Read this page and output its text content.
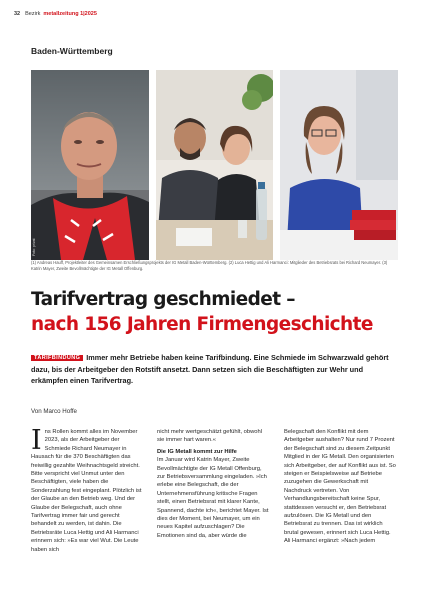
32 Bezirk metallzeitung 1|2025
Baden-Württemberg
Foto: privat
(1) Andreas Hauff, Projektleiter des Gemeinsamen Erschließungsprojekts der IG Metall Baden-Württemberg. (2) Luca Hettig und Ali Harmanci: Mitglieder des Betriebsrats bei Richard Neumayer. (3) Katrin Mayer, Zweite Bevollmächtigte der IG Metall Offenburg.
Tarifvertrag geschmiedet –
nach 156 Jahren Firmengeschichte
TARIFBINDUNG Immer mehr Betriebe haben keine Tarifbindung. Eine Schmiede im Schwarzwald gehört dazu, bis der Arbeitgeber den Rotstift ansetzt. Dann setzen sich die Beschäftigten zur Wehr und erkämpfen einen Tarifvertrag.
Von Marco Hoffe
I ns Rollen kommt alles im November 2023, als der Arbeitgeber der Schmiede Richard Neumayer in Hausach für die 370 Beschäftigten das freiwillig gezahlte Weihnachtsgeld streicht. Bitte verspricht viel Unmut unter den Beschäftigten, viele haben die Sonderzahlung fest eingeplant. Plötzlich ist der Glaube an den Betrieb weg. Und der Glaube der Belegschaft, auch ohne Tarifvertrag immer fair und gerecht behandelt zu werden, ist dahin. Die Betriebsräte Luca Hettig und Ali Harmanci erinnern sich: »Es war viel Wut. Die Leute haben sich

nicht mehr wertgeschätzt gefühlt, obwohl sie immer hart waren.«

Die IG Metall kommt zur Hilfe

Im Januar wird Katrin Mayer, Zweite Bevollmächtigte der IG Metall Offenburg, zur Betriebsversammlung eingeladen. »Ich erlebe eine Belegschaft, die der Unternehmensführung kritische Fragen stellt, einen Betriebsrat mit klarer Kante, Spannend, dachte ich«, berichtet Mayer. Ist dies der Moment, bei Neumayer, um ein neues Kapitel aufzuschlagen? Die Emotionen sind da, aber würde die

Belegschaft den Konflikt mit dem Arbeitgeber aushalten? Nur rund 7 Prozent der Belegschaft sind zu diesem Zeitpunkt Mitglied in der IG Metall. Den organisierten sich Arbeitgeber, der auf Konflikt aus ist. So steigen er Beispielsweise auf Betriebe zuzugehen die Gewerkschaft mit Nachdruck vertreten. Von Verhandlungsbereitschaft keine Spur, stattdessen versucht er, den Betriebsrat aufzulösen. Die IG Metall und den Betriebsrat zu trennen. Das ist wirklich brutal gewesen, erinnert sich Luca Hettig. Ali Harmanci ergänzt: »Nach jedem
